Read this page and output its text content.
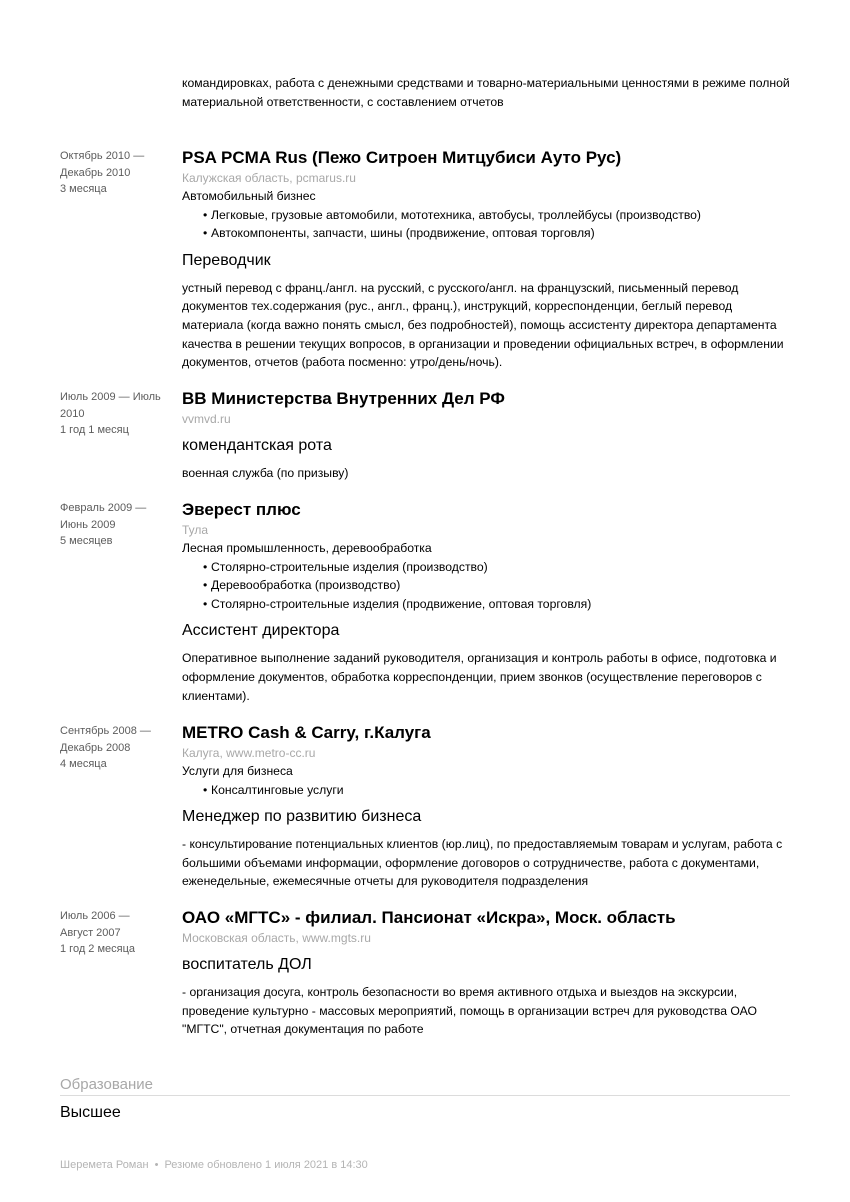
командировках, работа с денежными средствами и товарно-материальными ценностями в режиме полной материальной ответственности, с составлением отчетов
Октябрь 2010 —
Декабрь 2010
3 месяца
PSA PCMA Rus (Пежо Ситроен Митцубиси Ауто Рус)
Калужская область, pcmarus.ru
Автомобильный бизнес
• Легковые, грузовые автомобили, мототехника, автобусы, троллейбусы (производство)
• Автокомпоненты, запчасти, шины (продвижение, оптовая торговля)
Переводчик
устный перевод с франц./англ. на русский, с русского/англ. на французский, письменный перевод документов тех.содержания (рус., англ., франц.), инструкций, корреспонденции, беглый перевод материала (когда важно понять смысл, без подробностей), помощь ассистенту директора департамента качества в решении текущих вопросов, в организации и проведении официальных встреч, в оформлении документов, отчетов (работа посменно: утро/день/ночь).
Июль 2009 — Июль
2010
1 год 1 месяц
ВВ Министерства Внутренних Дел РФ
vvmvd.ru
комендантская рота
военная служба (по призыву)
Февраль 2009 —
Июнь 2009
5 месяцев
Эверест плюс
Тула
Лесная промышленность, деревообработка
• Столярно-строительные изделия (производство)
• Деревообработка (производство)
• Столярно-строительные изделия (продвижение, оптовая торговля)
Ассистент директора
Оперативное выполнение заданий руководителя, организация и контроль работы в офисе, подготовка и оформление документов, обработка корреспонденции, прием звонков (осуществление переговоров с клиентами).
Сентябрь 2008 —
Декабрь 2008
4 месяца
METRO Cash & Carry, г.Калуга
Калуга, www.metro-cc.ru
Услуги для бизнеса
• Консалтинговые услуги
Менеджер по развитию бизнеса
- консультирование потенциальных клиентов (юр.лиц), по предоставляемым товарам и услугам, работа с большими объемами информации, оформление договоров о сотрудничестве, работа с документами, еженедельные, ежемесячные отчеты для руководителя подразделения
Июль 2006 —
Август 2007
1 год 2 месяца
ОАО «МГТС» - филиал. Пансионат «Искра», Моск. область
Московская область, www.mgts.ru
воспитатель ДОЛ
- организация досуга, контроль безопасности во время активного отдыха и выездов на экскурсии, проведение культурно - массовых мероприятий, помощь в организации встреч для руководства ОАО "МГТС", отчетная документация по работе
Образование
Высшее
Шеремета Роман • Резюме обновлено 1 июля 2021 в 14:30
